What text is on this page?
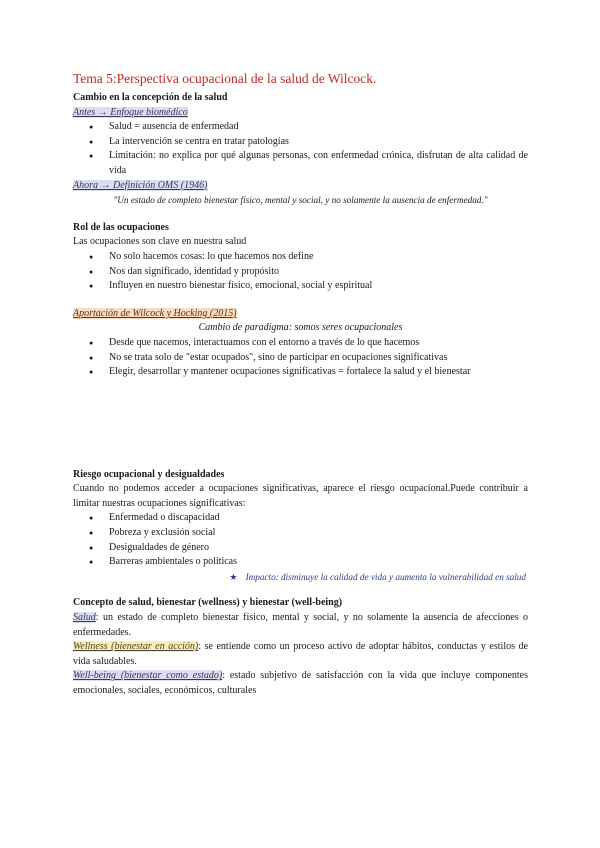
Tema 5:Perspectiva ocupacional de la salud de Wilcock.

Cambio en la concepción de la salud

Antes → Enfoque biomédico

● Salud = ausencia de enfermedad
● La intervención se centra en tratar patologías
● Limitación: no explica por qué algunas personas, con enfermedad crónica, disfrutan de alta calidad de vida

Ahora → Definición OMS (1946)

"Un estado de completo bienestar físico, mental y social, y no solamente la ausencia de enfermedad."

Rol de las ocupaciones

Las ocupaciones son clave en nuestra salud

● No solo hacemos cosas: lo que hacemos nos define
● Nos dan significado, identidad y propósito
● Influyen en nuestro bienestar físico, emocional, social y espiritual

Aportación de Wilcock y Hocking (2015)

Cambio de paradigma: somos seres ocupacionales

● Desde que nacemos, interactuamos con el entorno a través de lo que hacemos
● No se trata solo de "estar ocupados", sino de participar en ocupaciones significativas
● Elegir, desarrollar y mantener ocupaciones significativas = fortalece la salud y el bienestar

Riesgo ocupacional y desigualdades

Cuando no podemos acceder a ocupaciones significativas, aparece el riesgo ocupacional.Puede contribuir a limitar nuestras ocupaciones significativas:

● Enfermedad o discapacidad
● Pobreza y exclusión social
● Desigualdades de género
● Barreras ambientales o políticas

★ Impacto: disminuye la calidad de vida y aumenta la vulnerabilidad en salud

Concepto de salud, bienestar (wellness) y bienestar (well-being)

Salud: un estado de completo bienestar físico, mental y social, y no solamente la ausencia de afecciones o enfermedades.

Wellness (bienestar en acción): se entiende como un proceso activo de adoptar hábitos, conductas y estilos de vida saludables.

Well-being (bienestar como estado): estado subjetivo de satisfacción con la vida que incluye componentes emocionales, sociales, económicos, culturales
